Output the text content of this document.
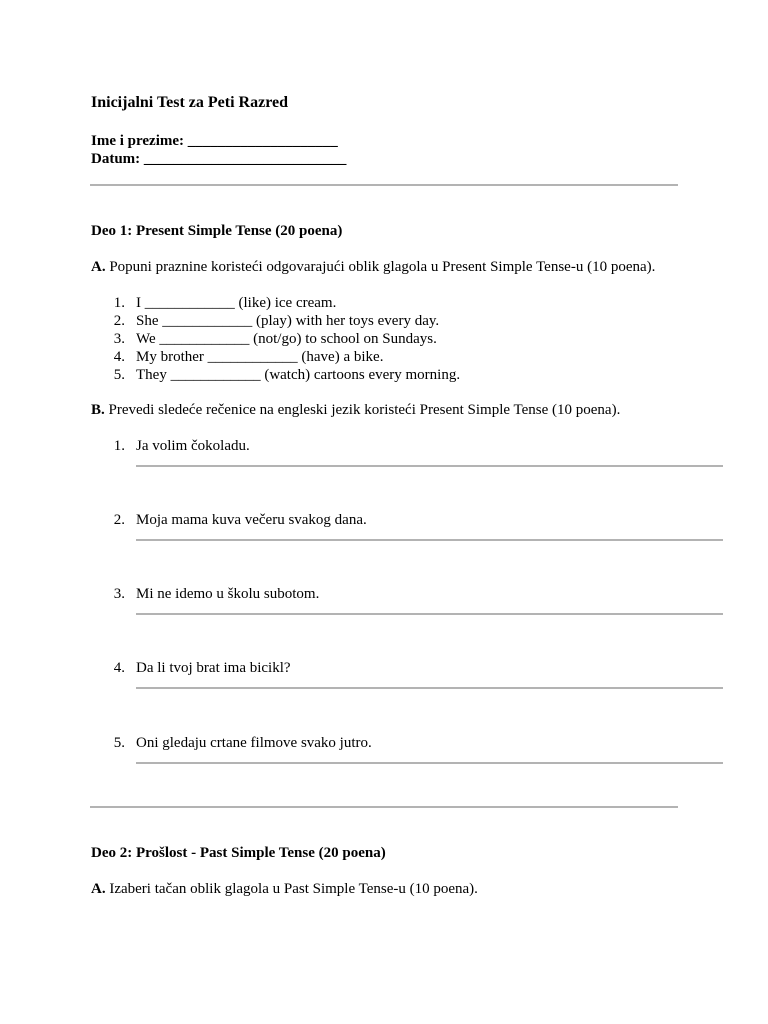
Inicijalni Test za Peti Razred
Ime i prezime: ____________________
Datum: ___________________________
Deo 1: Present Simple Tense (20 poena)

A. Popuni praznine koristeći odgovarajući oblik glagola u Present Simple Tense-u (10 poena).

1. I ____________ (like) ice cream.
2. She ____________ (play) with her toys every day.
3. We ____________ (not/go) to school on Sundays.
4. My brother ____________ (have) a bike.
5. They ____________ (watch) cartoons every morning.

B. Prevedi sledeće rečenice na engleski jezik koristeći Present Simple Tense (10 poena).

1. Ja volim čokoladu.
2. Moja mama kuva večeru svakog dana.
3. Mi ne idemo u školu subotom.
4. Da li tvoj brat ima bicikl?
5. Oni gledaju crtane filmove svako jutro.
Deo 2: Prošlost - Past Simple Tense (20 poena)

A. Izaberi tačan oblik glagola u Past Simple Tense-u (10 poena).
